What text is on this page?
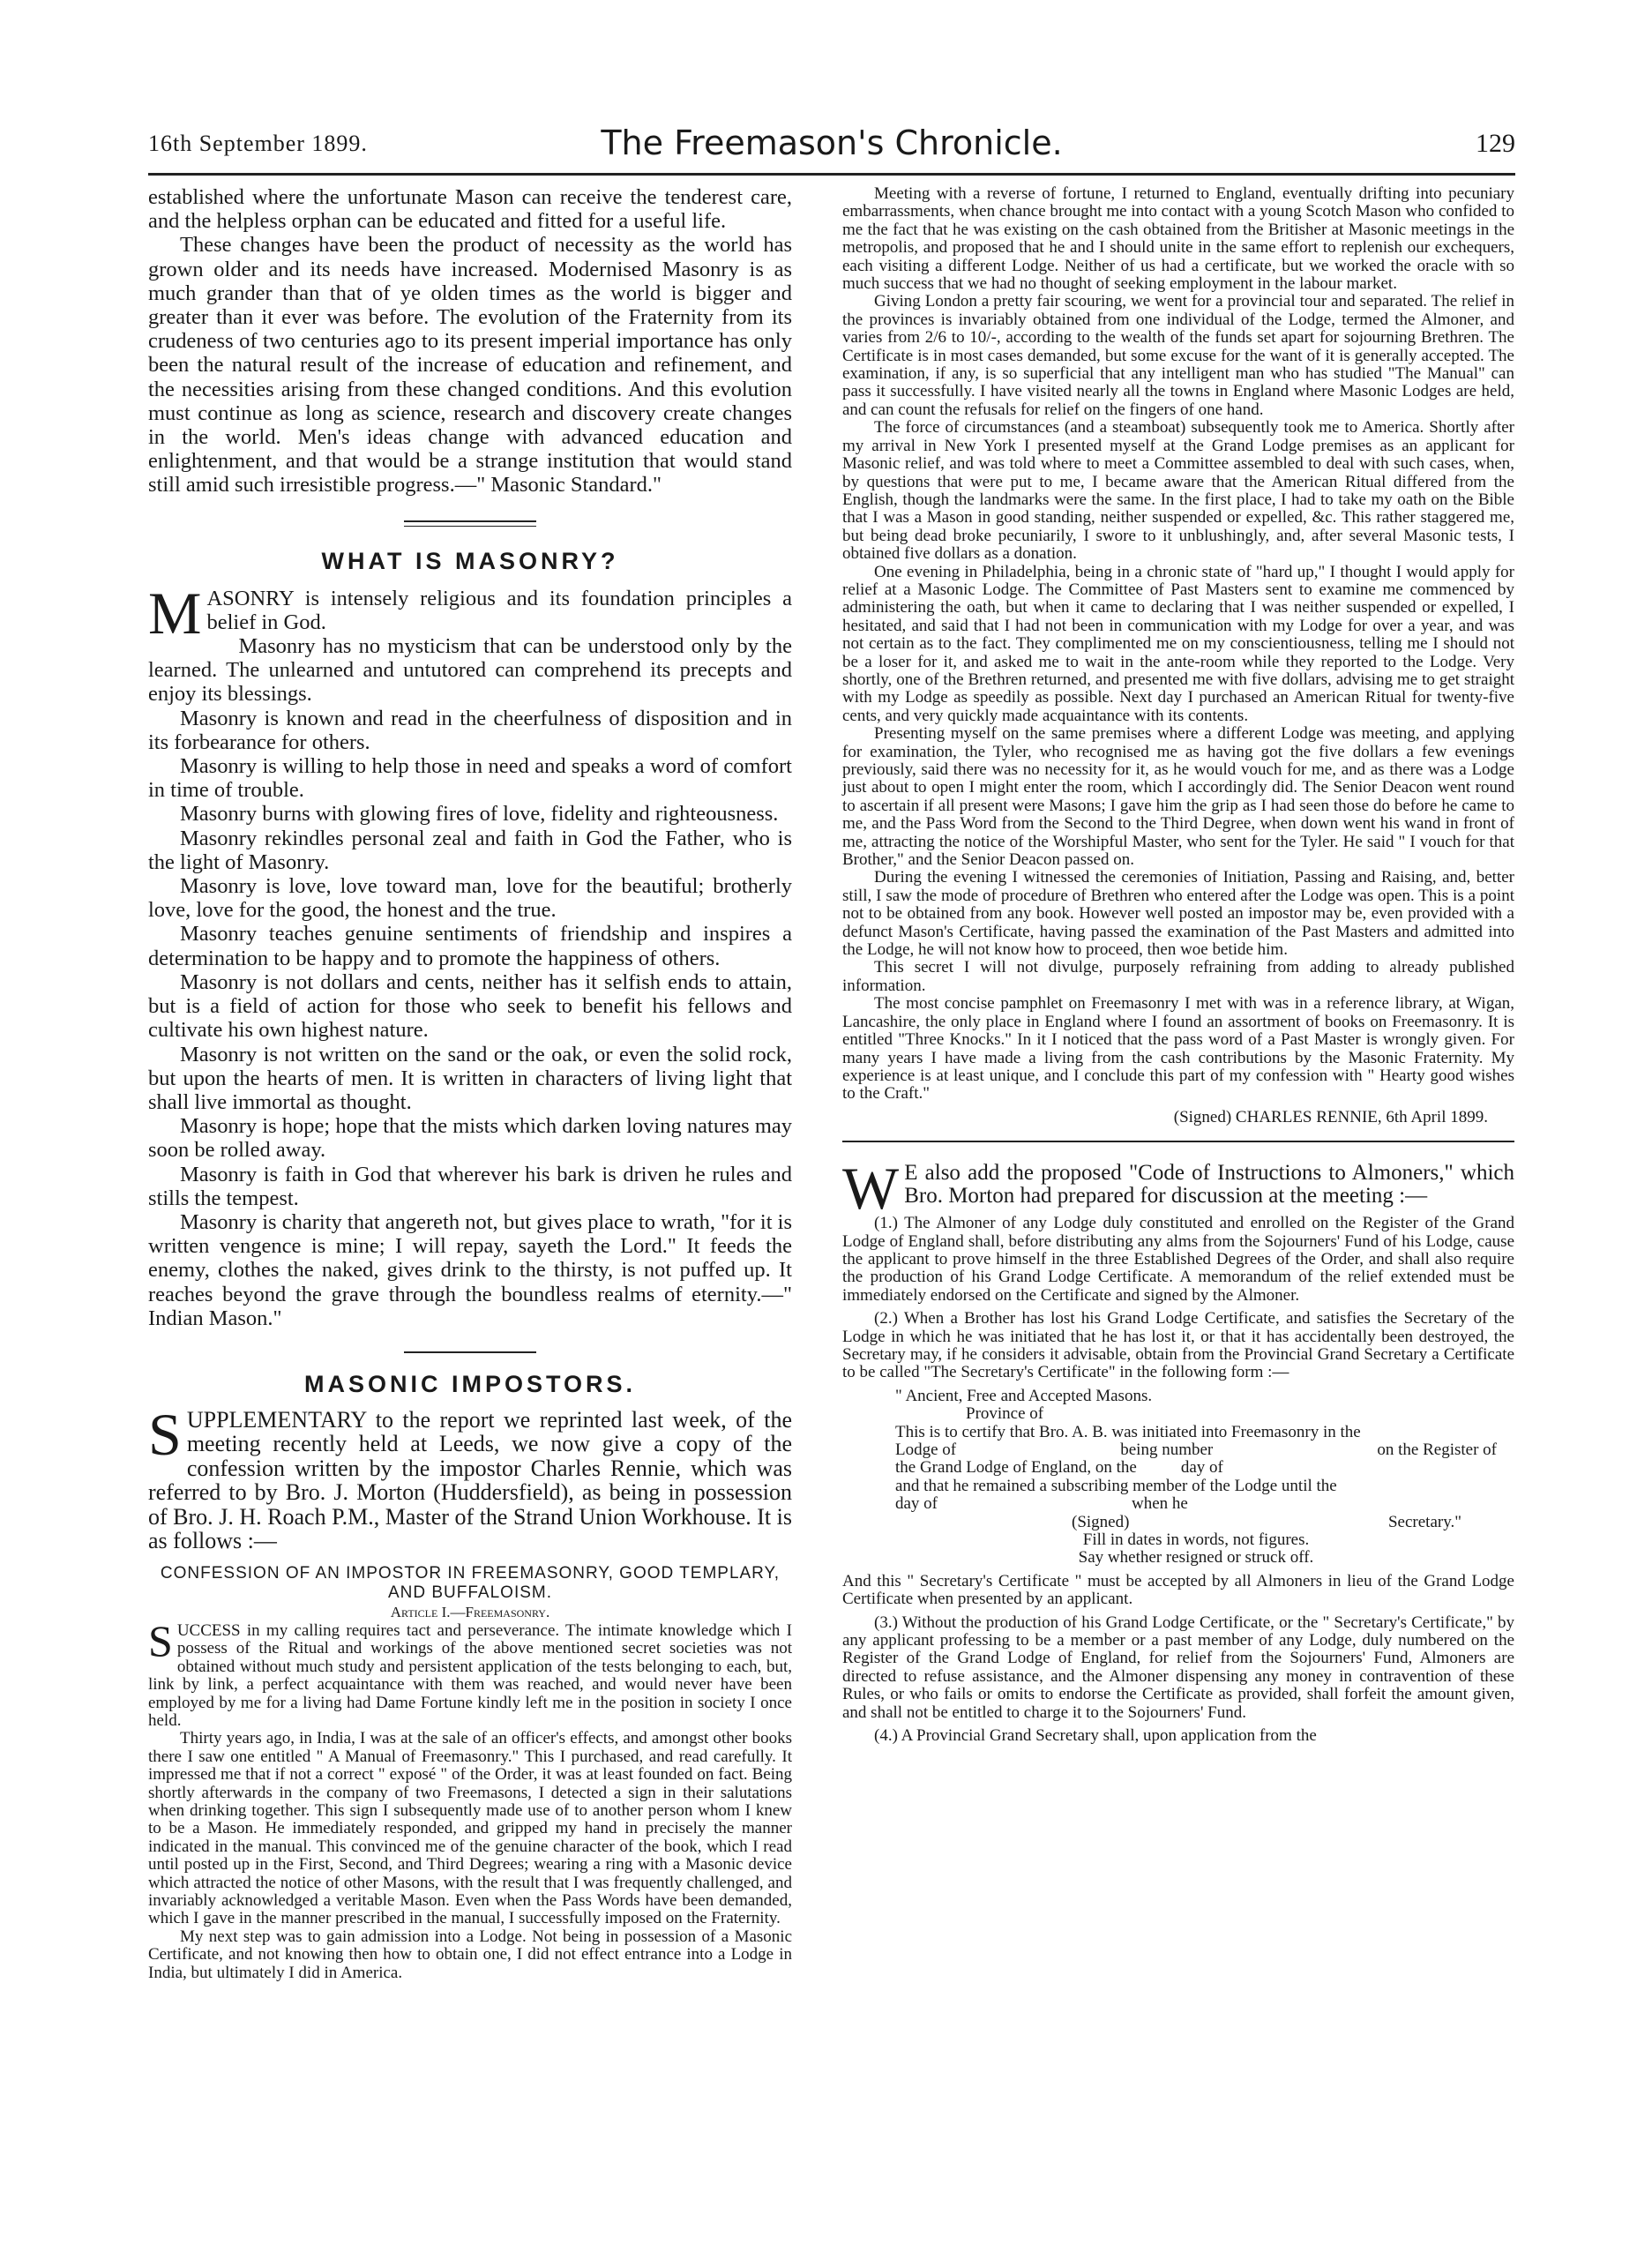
16th September 1899.	The Freemason's Chronicle.	129

established where the unfortunate Mason can receive the tenderest care, and the helpless orphan can be educated and fitted for a useful life.

These changes have been the product of necessity as the world has grown older and its needs have increased. Modernised Masonry is as much grander than that of ye olden times as the world is bigger and greater than it ever was before. The evolution of the Fraternity from its crudeness of two centuries ago to its present imperial importance has only been the natural result of the increase of education and refinement, and the necessities arising from these changed conditions. And this evolution must continue as long as science, research and discovery create changes in the world. Men's ideas change with advanced education and enlightenment, and that would be a strange institution that would stand still amid such irresistible progress.—" Masonic Standard."

WHAT IS MASONRY?

MASONRY is intensely religious and its foundation principles a belief in God.

Masonry has no mysticism that can be understood only by the learned. The unlearned and untutored can comprehend its precepts and enjoy its blessings.

Masonry is known and read in the cheerfulness of disposition and in its forbearance for others.

Masonry is willing to help those in need and speaks a word of comfort in time of trouble.

Masonry burns with glowing fires of love, fidelity and righteousness.

Masonry rekindles personal zeal and faith in God the Father, who is the light of Masonry.

Masonry is love, love toward man, love for the beautiful; brotherly love, love for the good, the honest and the true.

Masonry teaches genuine sentiments of friendship and inspires a determination to be happy and to promote the happiness of others.

Masonry is not dollars and cents, neither has it selfish ends to attain, but is a field of action for those who seek to benefit his fellows and cultivate his own highest nature.

Masonry is not written on the sand or the oak, or even the solid rock, but upon the hearts of men. It is written in characters of living light that shall live immortal as thought.

Masonry is hope; hope that the mists which darken loving natures may soon be rolled away.

Masonry is faith in God that wherever his bark is driven he rules and stills the tempest.

Masonry is charity that angereth not, but gives place to wrath, "for it is written vengence is mine; I will repay, sayeth the Lord." It feeds the enemy, clothes the naked, gives drink to the thirsty, is not puffed up. It reaches beyond the grave through the boundless realms of eternity.—" Indian Mason."

MASONIC IMPOSTORS.

SUPPLEMENTARY to the report we reprinted last week, of the meeting recently held at Leeds, we now give a copy of the confession written by the impostor Charles Rennie, which was referred to by Bro. J. Morton (Huddersfield), as being in possession of Bro. J. H. Roach P.M., Master of the Strand Union Workhouse. It is as follows :—

CONFESSION OF AN IMPOSTOR IN FREEMASONRY, GOOD TEMPLARY, AND BUFFALOISM.
Article I.—Freemasonry.

SUCCESS in my calling requires tact and perseverance. The intimate knowledge which I possess of the Ritual and workings of the above mentioned secret societies was not obtained without much study and persistent application of the tests belonging to each, but, link by link, a perfect acquaintance with them was reached, and would never have been employed by me for a living had Dame Fortune kindly left me in the position in society I once held.

Thirty years ago, in India, I was at the sale of an officer's effects, and amongst other books there I saw one entitled " A Manual of Freemasonry." This I purchased, and read carefully. It impressed me that if not a correct " exposé " of the Order, it was at least founded on fact. Being shortly afterwards in the company of two Freemasons, I detected a sign in their salutations when drinking together. This sign I subsequently made use of to another person whom I knew to be a Mason. He immediately responded, and gripped my hand in precisely the manner indicated in the manual. This convinced me of the genuine character of the book, which I read until posted up in the First, Second, and Third Degrees; wearing a ring with a Masonic device which attracted the notice of other Masons, with the result that I was frequently challenged, and invariably acknowledged a veritable Mason. Even when the Pass Words have been demanded, which I gave in the manner prescribed in the manual, I successfully imposed on the Fraternity.

My next step was to gain admission into a Lodge. Not being in possession of a Masonic Certificate, and not knowing then how to obtain one, I did not effect entrance into a Lodge in India, but ultimately I did in America.

Meeting with a reverse of fortune, I returned to England, eventually drifting into pecuniary embarrassments, when chance brought me into contact with a young Scotch Mason who confided to me the fact that he was existing on the cash obtained from the Britisher at Masonic meetings in the metropolis, and proposed that he and I should unite in the same effort to replenish our exchequers, each visiting a different Lodge. Neither of us had a certificate, but we worked the oracle with so much success that we had no thought of seeking employment in the labour market.

Giving London a pretty fair scouring, we went for a provincial tour and separated. The relief in the provinces is invariably obtained from one individual of the Lodge, termed the Almoner, and varies from 2/6 to 10/-, according to the wealth of the funds set apart for sojourning Brethren. The Certificate is in most cases demanded, but some excuse for the want of it is generally accepted. The examination, if any, is so superficial that any intelligent man who has studied "The Manual" can pass it successfully. I have visited nearly all the towns in England where Masonic Lodges are held, and can count the refusals for relief on the fingers of one hand.

The force of circumstances (and a steamboat) subsequently took me to America. Shortly after my arrival in New York I presented myself at the Grand Lodge premises as an applicant for Masonic relief, and was told where to meet a Committee assembled to deal with such cases, when, by questions that were put to me, I became aware that the American Ritual differed from the English, though the landmarks were the same. In the first place, I had to take my oath on the Bible that I was a Mason in good standing, neither suspended or expelled, &c. This rather staggered me, but being dead broke pecuniarily, I swore to it unblushingly, and, after several Masonic tests, I obtained five dollars as a donation.

One evening in Philadelphia, being in a chronic state of "hard up," I thought I would apply for relief at a Masonic Lodge. The Committee of Past Masters sent to examine me commenced by administering the oath, but when it came to declaring that I was neither suspended or expelled, I hesitated, and said that I had not been in communication with my Lodge for over a year, and was not certain as to the fact. They complimented me on my conscientiousness, telling me I should not be a loser for it, and asked me to wait in the ante-room while they reported to the Lodge. Very shortly, one of the Brethren returned, and presented me with five dollars, advising me to get straight with my Lodge as speedily as possible. Next day I purchased an American Ritual for twenty-five cents, and very quickly made acquaintance with its contents.

Presenting myself on the same premises where a different Lodge was meeting, and applying for examination, the Tyler, who recognised me as having got the five dollars a few evenings previously, said there was no necessity for it, as he would vouch for me, and as there was a Lodge just about to open I might enter the room, which I accordingly did. The Senior Deacon went round to ascertain if all present were Masons; I gave him the grip as I had seen those do before he came to me, and the Pass Word from the Second to the Third Degree, when down went his wand in front of me, attracting the notice of the Worshipful Master, who sent for the Tyler. He said " I vouch for that Brother," and the Senior Deacon passed on.

During the evening I witnessed the ceremonies of Initiation, Passing and Raising, and, better still, I saw the mode of procedure of Brethren who entered after the Lodge was open. This is a point not to be obtained from any book. However well posted an impostor may be, even provided with a defunct Mason's Certificate, having passed the examination of the Past Masters and admitted into the Lodge, he will not know how to proceed, then woe betide him.

This secret I will not divulge, purposely refraining from adding to already published information.

The most concise pamphlet on Freemasonry I met with was in a reference library, at Wigan, Lancashire, the only place in England where I found an assortment of books on Freemasonry. It is entitled "Three Knocks." In it I noticed that the pass word of a Past Master is wrongly given. For many years I have made a living from the cash contributions by the Masonic Fraternity. My experience is at least unique, and I conclude this part of my confession with " Hearty good wishes to the Craft."

(Signed) CHARLES RENNIE, 6th April 1899.

W E also add the proposed "Code of Instructions to Almoners," which Bro. Morton had prepared for discussion at the meeting :—

(1.) The Almoner of any Lodge duly constituted and enrolled on the Register of the Grand Lodge of England shall, before distributing any alms from the Sojourners' Fund of his Lodge, cause the applicant to prove himself in the three Established Degrees of the Order, and shall also require the production of his Grand Lodge Certificate. A memorandum of the relief extended must be immediately endorsed on the Certificate and signed by the Almoner.

(2.) When a Brother has lost his Grand Lodge Certificate, and satisfies the Secretary of the Lodge in which he was initiated that he has lost it, or that it has accidentally been destroyed, the Secretary may, if he considers it advisable, obtain from the Provincial Grand Secretary a Certificate to be called "The Secretary's Certificate" in the following form :—

" Ancient, Free and Accepted Masons.

Province of

This is to certify that Bro. A. B. was initiated into Freemasonry in the

Lodge of	being number	on the Register of
the Grand Lodge of England, on the	day of

and that he remained a subscribing member of the Lodge until the

day of	when he
(Signed)	Secretary."

Fill in dates in words, not figures.

Say whether resigned or struck off.

And this " Secretary's Certificate " must be accepted by all Almoners in lieu of the Grand Lodge Certificate when presented by an applicant.

(3.) Without the production of his Grand Lodge Certificate, or the " Secretary's Certificate," by any applicant professing to be a member or a past member of any Lodge, duly numbered on the Register of the Grand Lodge of England, for relief from the Sojourners' Fund, Almoners are directed to refuse assistance, and the Almoner dispensing any money in contravention of these Rules, or who fails or omits to endorse the Certificate as provided, shall forfeit the amount given, and shall not be entitled to charge it to the Sojourners' Fund.

(4.) A Provincial Grand Secretary shall, upon application from the
